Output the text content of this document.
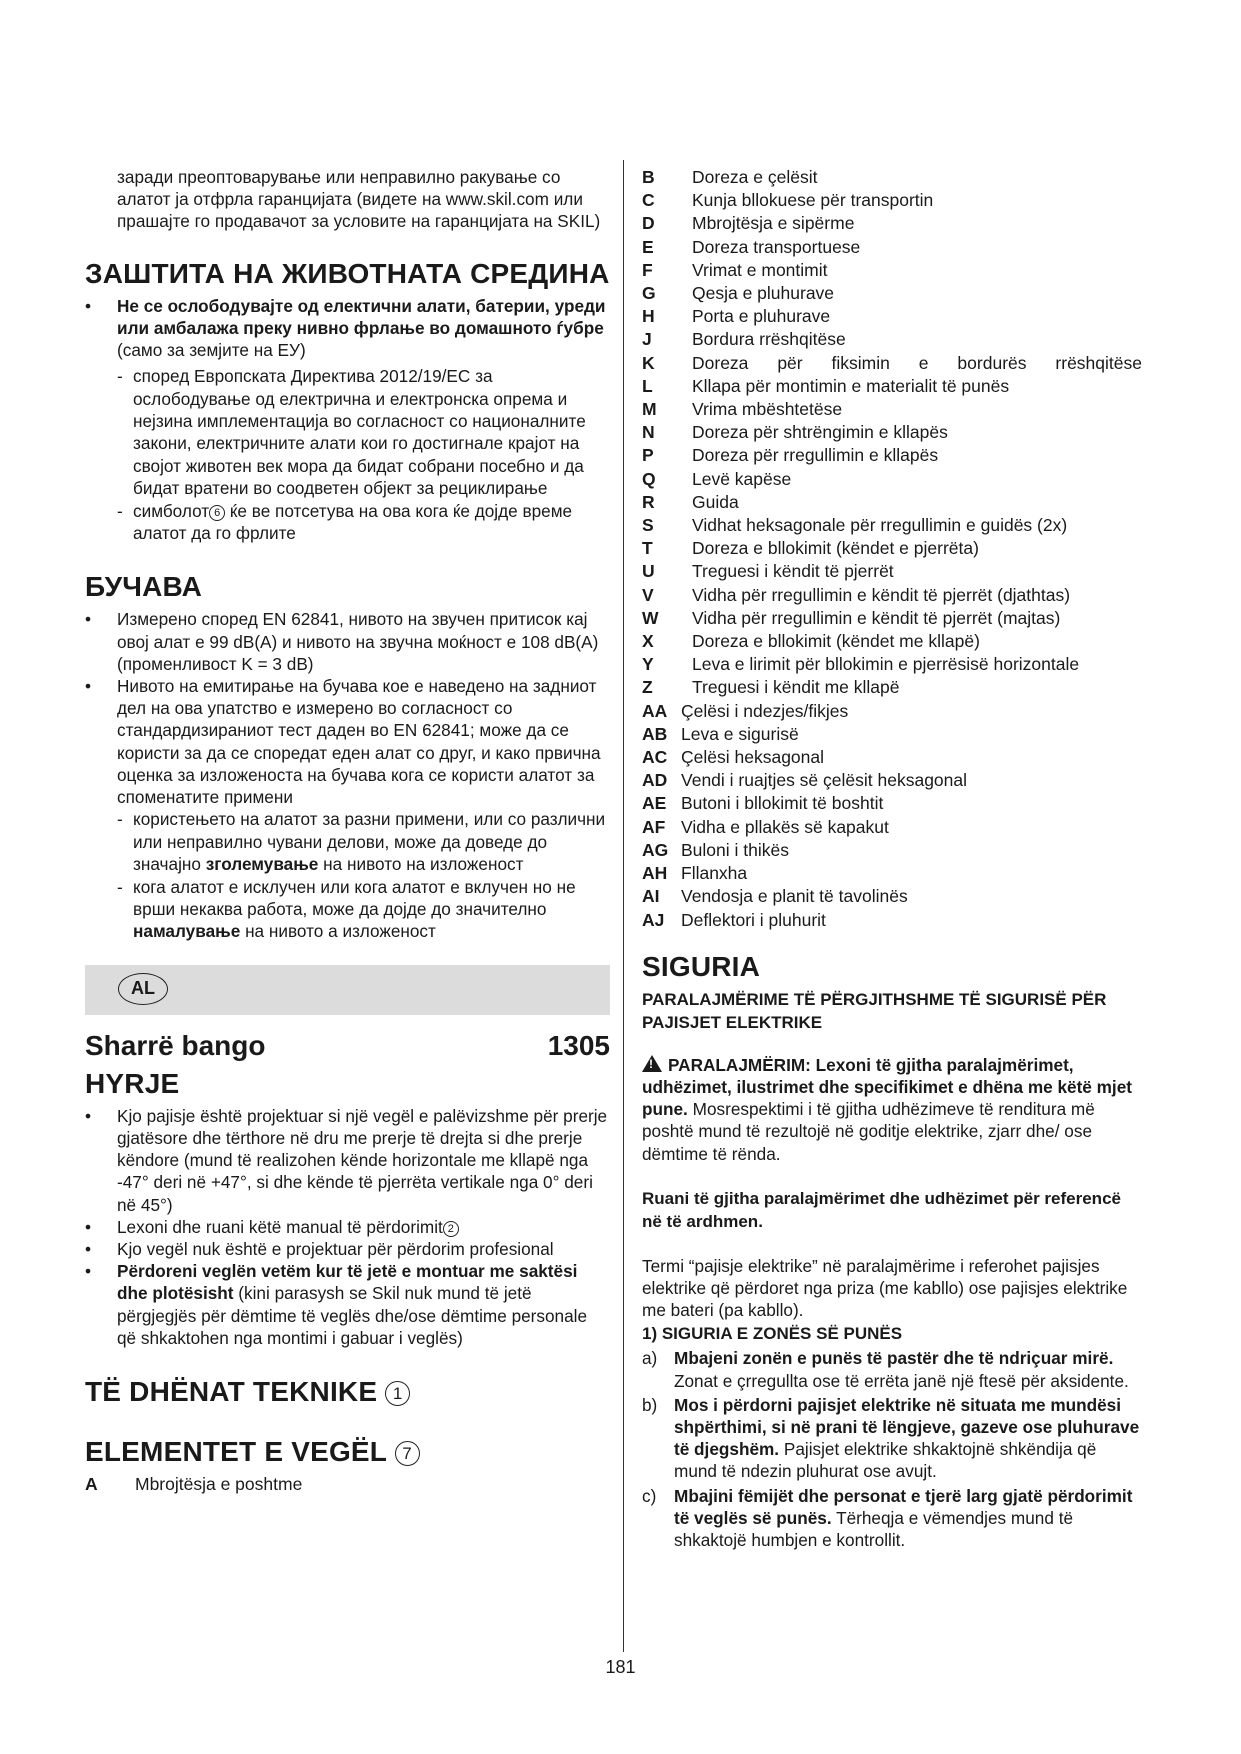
заради преоптоварување или неправилно ракување со алатот ја отфрла гаранцијата (видете на www.skil.com или прашајте го продавачот за условите на гаранцијата на SKIL)

ЗАШТИТА НА ЖИВОТНАТА СРЕДИНА
• Не се ослободувајте од електични алати, батерии, уреди или амбалажа преку нивно фрлање во домашното ѓубре (само за земјите на ЕУ)
- според Европската Директива 2012/19/ЕС за ослободување од електрична и електронска опрема и нејзина имплементација во согласност со националните закони, електричните алати кои го достигнале крајот на својот животен век мора да бидат собрани посебно и да бидат вратени во соодветен објект за рециклирање
- симболот 6 ќе ве потсетува на ова кога ќе дојде време алатот да го фрлите
БУЧАВА
• Измерено според EN 62841, нивото на звучен притисок кај овој алат е 99 dB(A) и нивото на звучна моќност е 108 dB(A) (променливост K = 3 dB)
• Нивото на емитирање на бучава кое е наведено на задниот дел на ова упатство е измерено во согласност со стандардизираниот тест даден во EN 62841; може да се користи за да се споредат еден алат со друг, и како првична оценка за изложеноста на бучава кога се користи алатот за споменатите примени
- користењето на алатот за разни примени, или со различни или неправилно чувани делови, може да доведе до значајно зголемување на нивото на изложеност
- кога алатот е исклучен или кога алатот е вклучен но не врши некаква работа, може да дојде до значително намалување на нивото а изложеност
AL
Sharrë bango	1305
HYRJE
• Kjo pajisje është projektuar si një vegël e palëvizshme për prerje gjatësore dhe tërthore në dru me prerje të drejta si dhe prerje këndore (mund të realizohen kënde horizontale me kllapë nga -47° deri në +47°, si dhe kënde të pjerrëta vertikale nga 0° deri në 45°)
• Lexoni dhe ruani këtë manual të përdorimit 2
• Kjo vegël nuk është e projektuar për përdorim profesional
• Përdoreni veglën vetëm kur të jetë e montuar me saktësi dhe plotësisht (kini parasysh se Skil nuk mund të jetë përgjegjës për dëmtime të veglës dhe/ose dëmtime personale që shkaktohen nga montimi i gabuar i veglës)
TË DHËNAT TEKNIKE 1
ELEMENTET E VEGËL 7
A	Mbrojtësja e poshtme
B	Doreza e çelësit
C	Kunja bllokuese për transportin
D	Mbrojtësja e sipërme
E	Doreza transportuese
F	Vrimat e montimit
G	Qesja e pluhurave
H	Porta e pluhurave
J	Bordura rrëshqitëse
K	Doreza për fiksimin e bordurës rrëshqitëse
L	Kllapa për montimin e materialit të punës
M	Vrima mbështetëse
N	Doreza për shtrëngimin e kllapës
P	Doreza për rregullimin e kllapës
Q	Levë kapëse
R	Guida
S	Vidhat heksagonale për rregullimin e guidës (2x)
T	Doreza e bllokimit (këndet e pjerrëta)
U	Treguesi i këndit të pjerrët
V	Vidha për rregullimin e këndit të pjerrët (djathtas)
W	Vidha për rregullimin e këndit të pjerrët (majtas)
X	Doreza e bllokimit (këndet me kllapë)
Y	Leva e lirimit për bllokimin e pjerrësisë horizontale
Z	Treguesi i këndit me kllapë
AA Çelësi i ndezjes/fikjes
AB Leva e sigurisë
AC Çelësi heksagonal
AD Vendi i ruajtjes së çelësit heksagonal
AE Butoni i bllokimit të boshtit
AF Vidha e pllakës së kapakut
AG Buloni i thikës
AH Fllanxha
AI	Vendosja e planit të tavolinës
AJ Deflektori i pluhurit
SIGURIA

PARALAJMËRIME TË PËRGJITHSHME TË SIGURISË PËR PAJISJET ELEKTRIKE

!PARALAJMËRIM: Lexoni të gjitha paralajmërimet, udhëzimet, ilustrimet dhe specifikimet e dhëna me këtë mjet pune. Mosrespektimi i të gjitha udhëzimeve të renditura më poshtë mund të rezultojë në goditje elektrike, zjarr dhe/ ose dëmtime të rënda.

Ruani të gjitha paralajmërimet dhe udhëzimet për referencë në të ardhmen.

Termi “pajisje elektrike” në paralajmërime i referohet pajisjes elektrike që përdoret nga priza (me kabllo) ose pajisjes elektrike me bateri (pa kabllo).

1) SIGURIA E ZONËS SË PUNËS

a) Mbajeni zonën e punës të pastër dhe të ndriçuar mirë. Zonat e çrregullta ose të errëta janë një ftesë për aksidente.
b) Mos i përdorni pajisjet elektrike në situata me mundësi shpërthimi, si në prani të lëngjeve, gazeve ose pluhurave të djegshëm. Pajisjet elektrike shkaktojnë shkëndija që mund të ndezin pluhurat ose avujt.
c) Mbajini fëmijët dhe personat e tjerë larg gjatë përdorimit të veglës së punës. Tërheqja e vëmendjes mund të shkaktojë humbjen e kontrollit.
181
